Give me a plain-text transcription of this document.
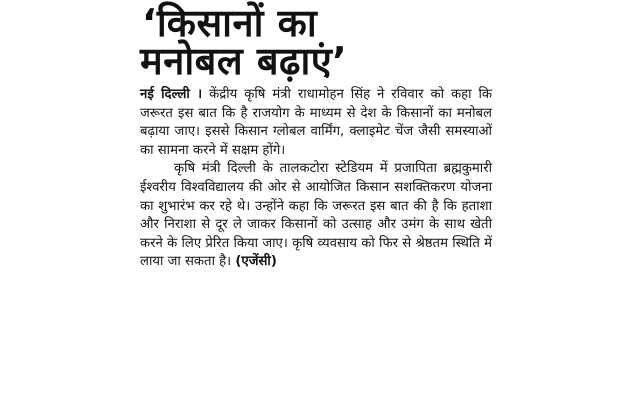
‘किसानों का
मनोबल बढ़ाएं’

नई दिल्ली । केंद्रीय कृषि मंत्री राधामोहन सिंह ने रविवार को कहा कि जरूरत इस बात कि है राजयोग के माध्यम से देश के किसानों का मनोबल बढ़ाया जाए। इससे किसान ग्लोबल वार्मिंग, क्लाइमेट चेंज जैसी समस्याओं का सामना करने में सक्षम होंगे।

कृषि मंत्री दिल्ली के तालकटोरा स्टेडियम में प्रजापिता ब्रह्मकुमारी ईश्वरीय विश्वविद्यालय की ओर से आयोजित किसान सशक्तिकरण योजना का शुभारंभ कर रहे थे। उन्होंने कहा कि जरूरत इस बात की है कि हताशा और निराशा से दूर ले जाकर किसानों को उत्साह और उमंग के साथ खेती करने के लिए प्रेरित किया जाए। कृषि व्यवसाय को फिर से श्रेष्ठतम स्थिति में लाया जा सकता है। (एजेंसी)
